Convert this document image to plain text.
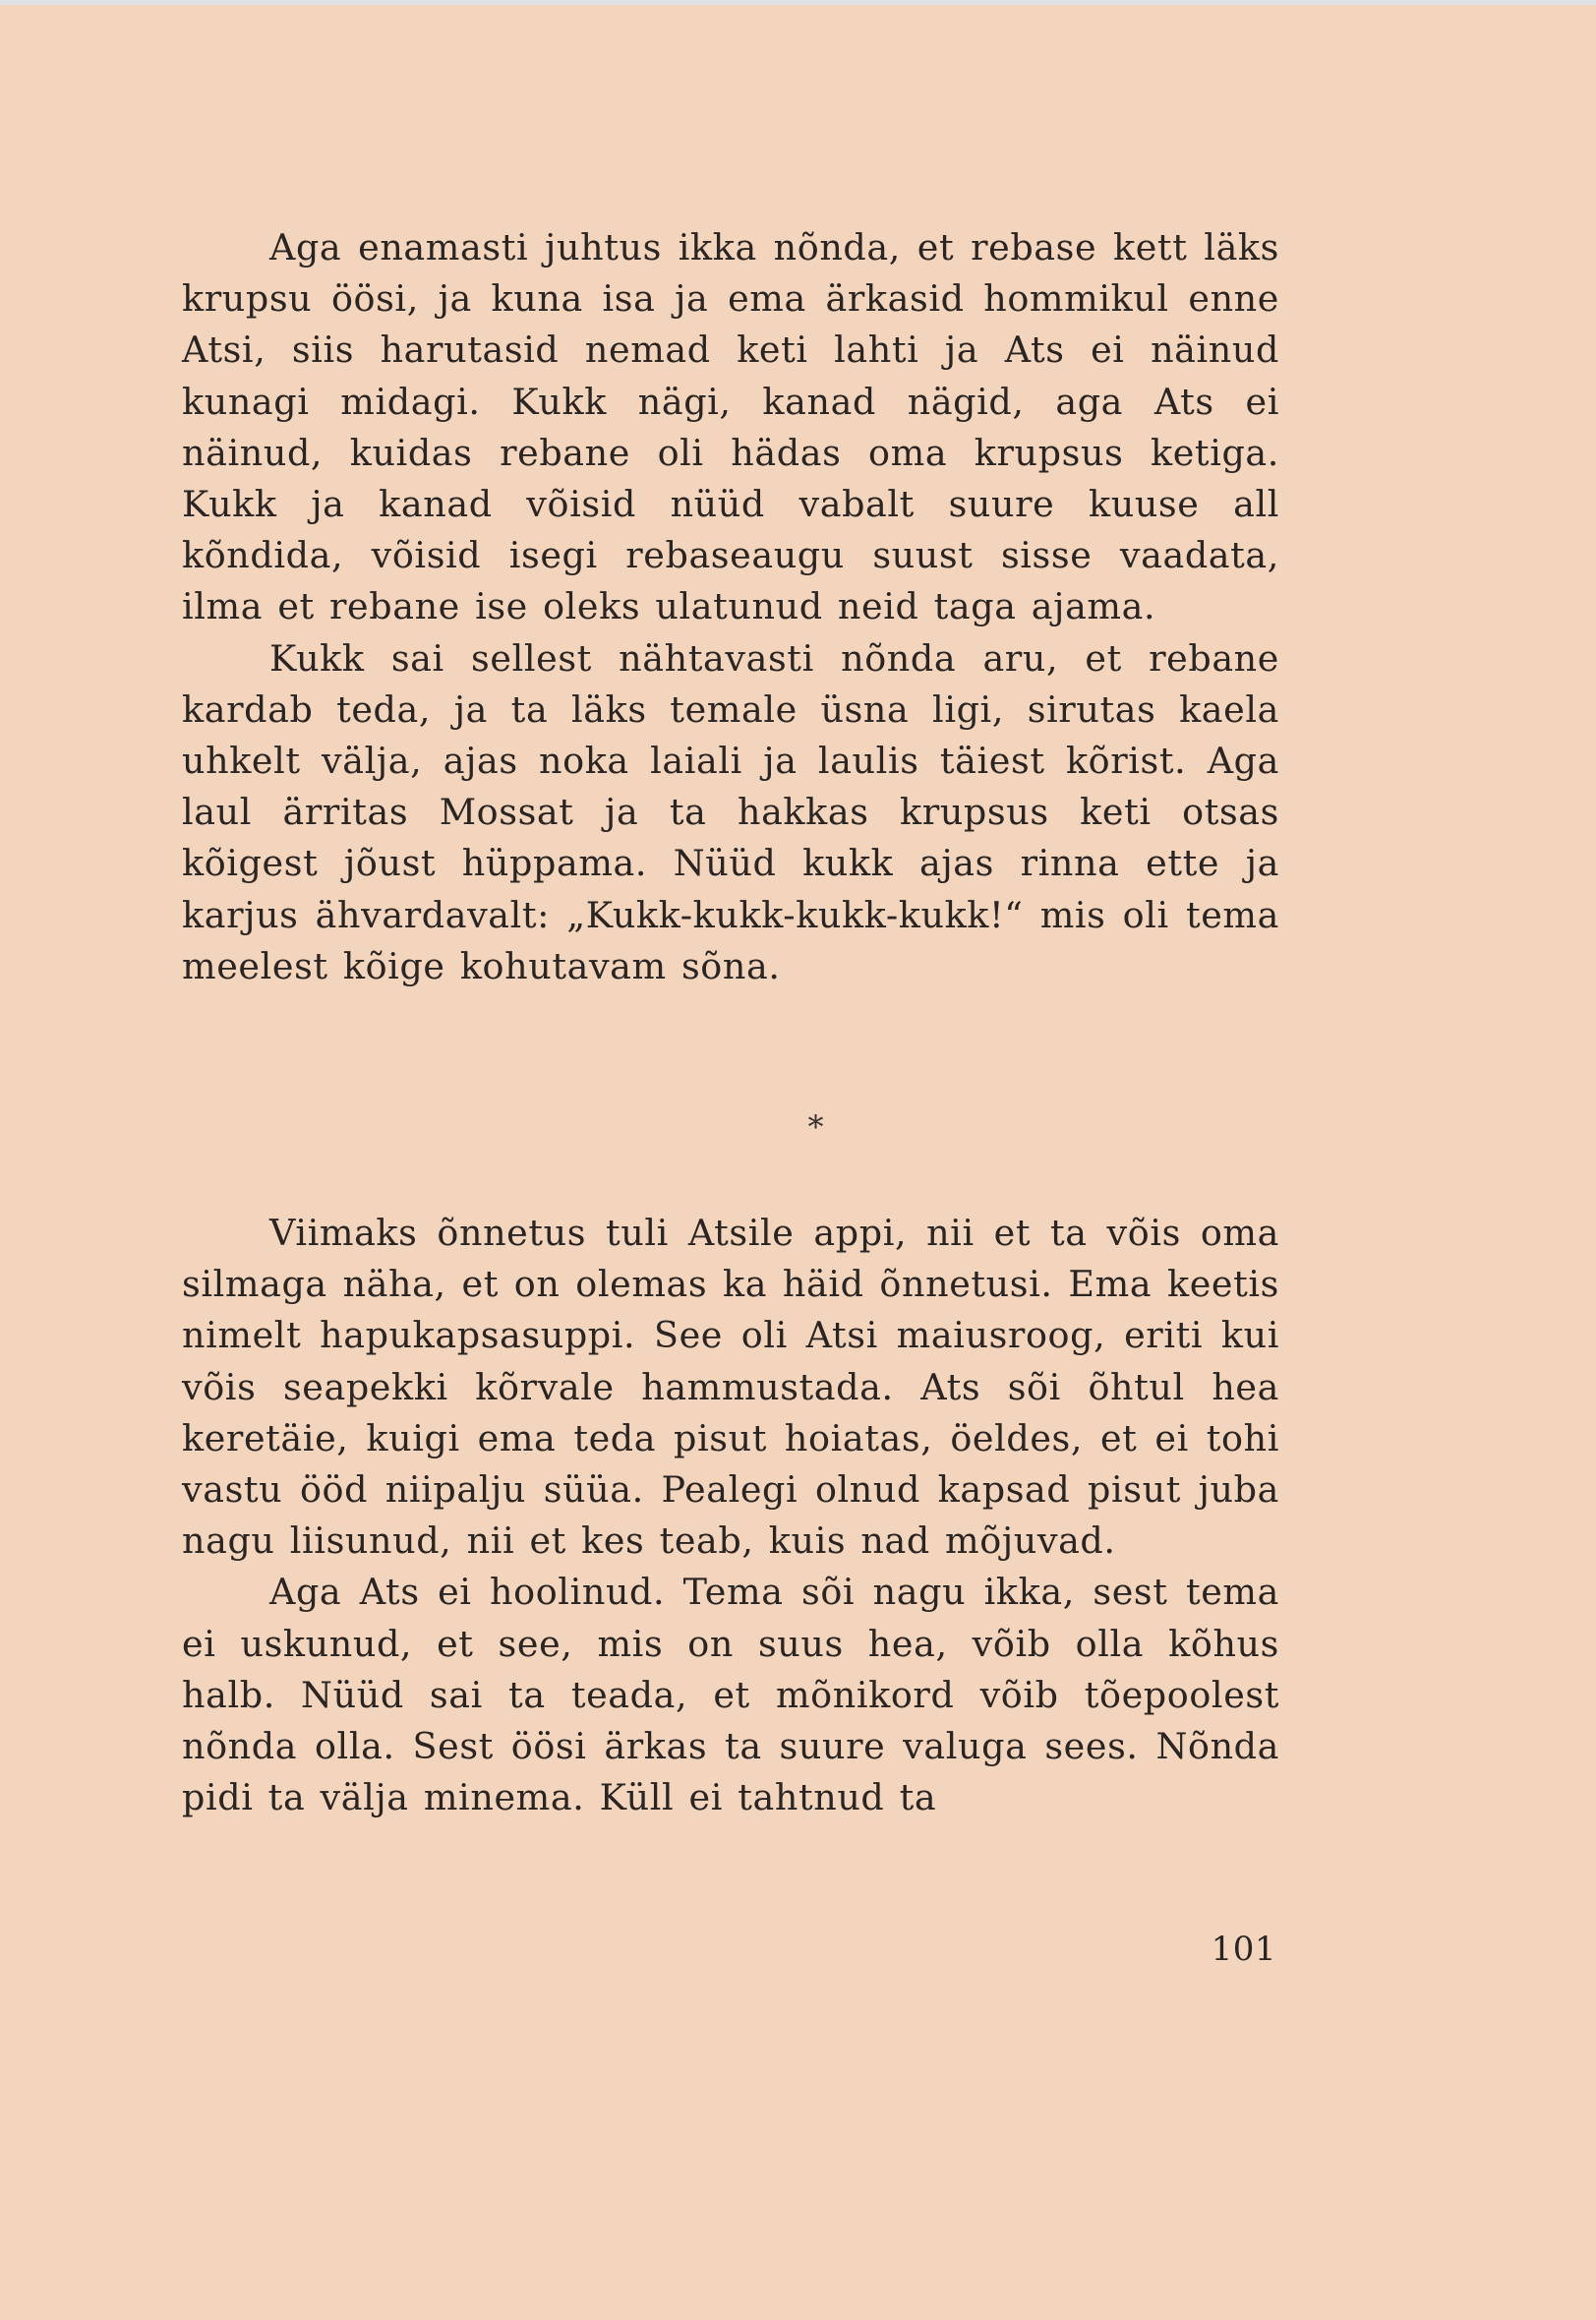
Aga enamasti juhtus ikka nõnda, et rebase kett läks krupsu öösi, ja kuna isa ja ema ärkasid hommikul enne Atsi, siis harutasid nemad keti lahti ja Ats ei näinud kunagi midagi. Kukk nägi, kanad nägid, aga Ats ei näinud, kuidas rebane oli hädas oma krupsus ketiga. Kukk ja kanad võisid nüüd vabalt suure kuuse all kõndida, võisid isegi rebaseaugu suust sisse vaadata, ilma et rebane ise oleks ulatunud neid taga ajama.

Kukk sai sellest nähtavasti nõnda aru, et rebane kardab teda, ja ta läks temale üsna ligi, sirutas kaela uhkelt välja, ajas noka laiali ja laulis täiest kõrist. Aga laul ärritas Mossat ja ta hakkas krupsus keti otsas kõigest jõust hüppama. Nüüd kukk ajas rinna ette ja karjus ähvardavalt: „Kukk-kukk-kukk-kukk!“ mis oli tema meelest kõige kohutavam sõna.

*

Viimaks õnnetus tuli Atsile appi, nii et ta võis oma silmaga näha, et on olemas ka häid õnnetusi. Ema keetis nimelt hapukapsasuppi. See oli Atsi maiusroog, eriti kui võis seapekki kõrvale hammustada. Ats sõi õhtul hea keretäie, kuigi ema teda pisut hoiatas, öeldes, et ei tohi vastu ööd niipalju süüa. Pealegi olnud kapsad pisut juba nagu liisunud, nii et kes teab, kuis nad mõjuvad.

Aga Ats ei hoolinud. Tema sõi nagu ikka, sest tema ei uskunud, et see, mis on suus hea, võib olla kõhus halb. Nüüd sai ta teada, et mõnikord võib tõepoolest nõnda olla. Sest öösi ärkas ta suure valuga sees. Nõnda pidi ta välja minema. Küll ei tahtnud ta

101
